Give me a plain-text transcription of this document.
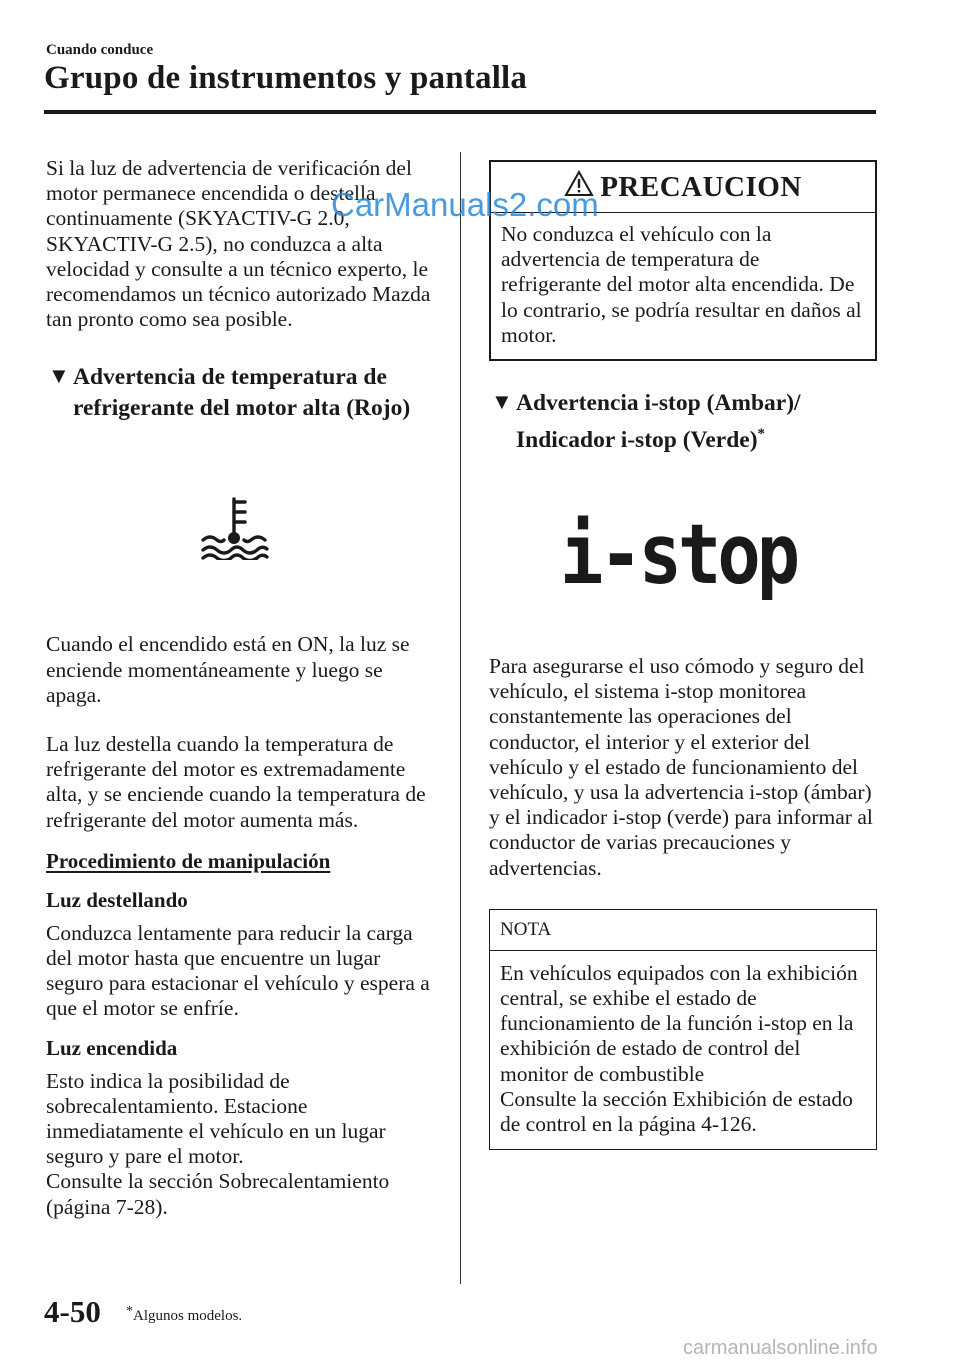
Cuando conduce
Grupo de instrumentos y pantalla

Si la luz de advertencia de verificación del motor permanece encendida o destella continuamente (SKYACTIV-G 2.0, SKYACTIV-G 2.5), no conduzca a alta velocidad y consulte a un técnico experto, le recomendamos un técnico autorizado Mazda tan pronto como sea posible.

▼ Advertencia de temperatura de
refrigerante del motor alta (Rojo)

Cuando el encendido está en ON, la luz se enciende momentáneamente y luego se apaga.

La luz destella cuando la temperatura de refrigerante del motor es extremadamente alta, y se enciende cuando la temperatura de refrigerante del motor aumenta más.

Procedimiento de manipulación

Luz destellando

Conduzca lentamente para reducir la carga del motor hasta que encuentre un lugar seguro para estacionar el vehículo y espera a que el motor se enfríe.

Luz encendida

Esto indica la posibilidad de sobrecalentamiento. Estacione inmediatamente el vehículo en un lugar seguro y pare el motor.

Consulte la sección Sobrecalentamiento (página 7-28).

PRECAUCION

No conduzca el vehículo con la advertencia de temperatura de refrigerante del motor alta encendida. De lo contrario, se podría resultar en daños al motor.

▼ Advertencia i-stop (Ambar)/
Indicador i-stop (Verde)*
i-stop

Para asegurarse el uso cómodo y seguro del vehículo, el sistema i-stop monitorea constantemente las operaciones del conductor, el interior y el exterior del vehículo y el estado de funcionamiento del vehículo, y usa la advertencia i-stop (ámbar) y el indicador i-stop (verde) para informar al conductor de varias precauciones y advertencias.

NOTA

En vehículos equipados con la exhibición central, se exhibe el estado de funcionamiento de la función i-stop en la exhibición de estado de control del monitor de combustible

Consulte la sección Exhibición de estado de control en la página 4-126.

4-50 *Algunos modelos.
CarManuals2.com
carmanualsonline.info
